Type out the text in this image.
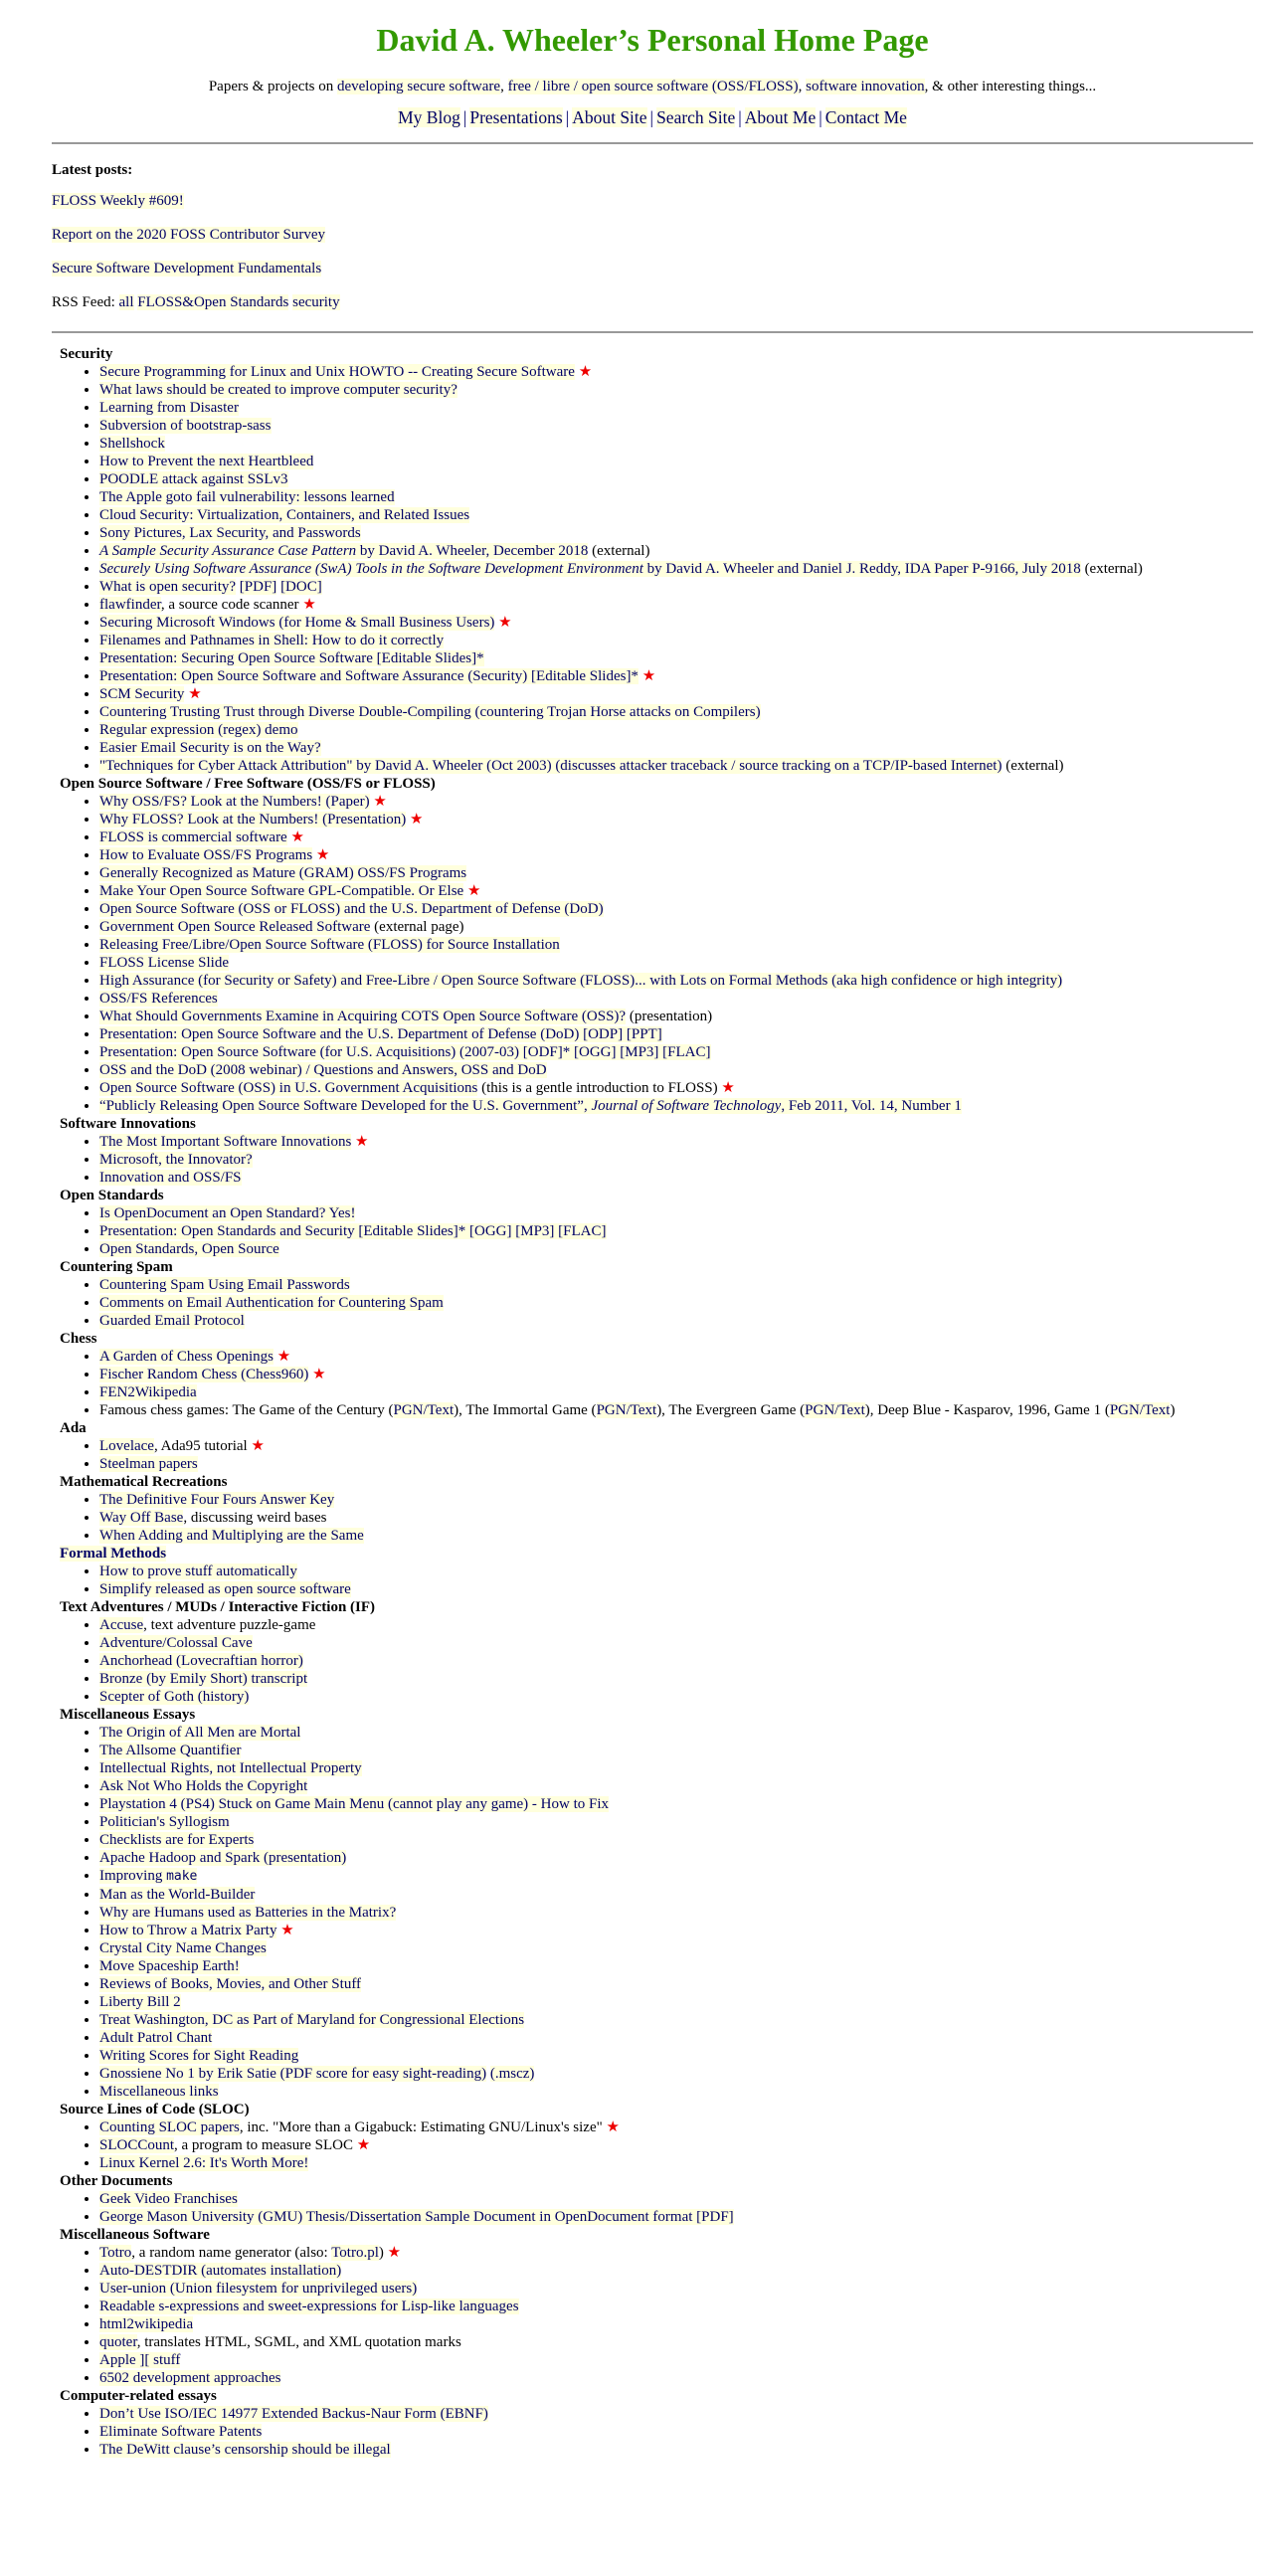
David A. Wheeler’s Personal Home Page

Papers & projects on developing secure software, free / libre / open source software (OSS/FLOSS), software innovation, & other interesting things...

My Blog | Presentations | About Site | Search Site | About Me | Contact Me
Latest posts:

FLOSS Weekly #609!

Report on the 2020 FOSS Contributor Survey

Secure Software Development Fundamentals

RSS Feed: all FLOSS&Open Standards security

Security
• Secure Programming for Linux and Unix HOWTO -- Creating Secure Software ★
• What laws should be created to improve computer security?
• Learning from Disaster
• Subversion of bootstrap-sass
• Shellshock
• How to Prevent the next Heartbleed
• POODLE attack against SSLv3
• The Apple goto fail vulnerability: lessons learned
• Cloud Security: Virtualization, Containers, and Related Issues
• Sony Pictures, Lax Security, and Passwords
• A Sample Security Assurance Case Pattern by David A. Wheeler, December 2018 (external)
• Securely Using Software Assurance (SwA) Tools in the Software Development Environment by David A. Wheeler and Daniel J. Reddy, IDA Paper P-9166, July 2018 (external)
• What is open security? [PDF] [DOC]
• flawfinder, a source code scanner ★
• Securing Microsoft Windows (for Home & Small Business Users) ★
• Filenames and Pathnames in Shell: How to do it correctly
• Presentation: Securing Open Source Software [Editable Slides]*
• Presentation: Open Source Software and Software Assurance (Security) [Editable Slides]* ★
• SCM Security ★
• Countering Trusting Trust through Diverse Double-Compiling (countering Trojan Horse attacks on Compilers)
• Regular expression (regex) demo
• Easier Email Security is on the Way?
• "Techniques for Cyber Attack Attribution" by David A. Wheeler (Oct 2003) (discusses attacker traceback / source tracking on a TCP/IP-based Internet) (external)
Open Source Software / Free Software (OSS/FS or FLOSS)
• Why OSS/FS? Look at the Numbers! (Paper) ★
• Why FLOSS? Look at the Numbers! (Presentation) ★
• FLOSS is commercial software ★
• How to Evaluate OSS/FS Programs ★
• Generally Recognized as Mature (GRAM) OSS/FS Programs
• Make Your Open Source Software GPL-Compatible. Or Else ★
• Open Source Software (OSS or FLOSS) and the U.S. Department of Defense (DoD)
• Government Open Source Released Software (external page)
• Releasing Free/Libre/Open Source Software (FLOSS) for Source Installation
• FLOSS License Slide
• High Assurance (for Security or Safety) and Free-Libre / Open Source Software (FLOSS)... with Lots on Formal Methods (aka high confidence or high integrity)
• OSS/FS References
• What Should Governments Examine in Acquiring COTS Open Source Software (OSS)? (presentation)
• Presentation: Open Source Software and the U.S. Department of Defense (DoD) [ODP] [PPT]
• Presentation: Open Source Software (for U.S. Acquisitions) (2007-03) [ODF]* [OGG] [MP3] [FLAC]
• OSS and the DoD (2008 webinar) / Questions and Answers, OSS and DoD
• Open Source Software (OSS) in U.S. Government Acquisitions (this is a gentle introduction to FLOSS) ★
• “Publicly Releasing Open Source Software Developed for the U.S. Government”, Journal of Software Technology, Feb 2011, Vol. 14, Number 1
Software Innovations
• The Most Important Software Innovations ★
• Microsoft, the Innovator?
• Innovation and OSS/FS
Open Standards
• Is OpenDocument an Open Standard? Yes!
• Presentation: Open Standards and Security [Editable Slides]* [OGG] [MP3] [FLAC]
• Open Standards, Open Source
Countering Spam
• Countering Spam Using Email Passwords
• Comments on Email Authentication for Countering Spam
• Guarded Email Protocol
Chess
• A Garden of Chess Openings ★
• Fischer Random Chess (Chess960) ★
• FEN2Wikipedia
• Famous chess games: The Game of the Century (PGN/Text), The Immortal Game (PGN/Text), The Evergreen Game (PGN/Text), Deep Blue - Kasparov, 1996, Game 1 (PGN/Text)
Ada
• Lovelace, Ada95 tutorial ★
• Steelman papers
Mathematical Recreations
• The Definitive Four Fours Answer Key
• Way Off Base, discussing weird bases
• When Adding and Multiplying are the Same
Formal Methods
• How to prove stuff automatically
• Simplify released as open source software
Text Adventures / MUDs / Interactive Fiction (IF)
• Accuse, text adventure puzzle-game
• Adventure/Colossal Cave
• Anchorhead (Lovecraftian horror)
• Bronze (by Emily Short) transcript
• Scepter of Goth (history)
Miscellaneous Essays
• The Origin of All Men are Mortal
• The Allsome Quantifier
• Intellectual Rights, not Intellectual Property
• Ask Not Who Holds the Copyright
• Playstation 4 (PS4) Stuck on Game Main Menu (cannot play any game) - How to Fix
• Politician's Syllogism
• Checklists are for Experts
• Apache Hadoop and Spark (presentation)
• Improving make
• Man as the World-Builder
• Why are Humans used as Batteries in the Matrix?
• How to Throw a Matrix Party ★
• Crystal City Name Changes
• Move Spaceship Earth!
• Reviews of Books, Movies, and Other Stuff
• Liberty Bill 2
• Treat Washington, DC as Part of Maryland for Congressional Elections
• Adult Patrol Chant
• Writing Scores for Sight Reading
• Gnossiene No 1 by Erik Satie (PDF score for easy sight-reading) (.mscz)
• Miscellaneous links
Source Lines of Code (SLOC)
• Counting SLOC papers, inc. "More than a Gigabuck: Estimating GNU/Linux's size" ★
• SLOCCount, a program to measure SLOC ★
• Linux Kernel 2.6: It's Worth More!
Other Documents
• Geek Video Franchises
• George Mason University (GMU) Thesis/Dissertation Sample Document in OpenDocument format [PDF]
Miscellaneous Software
• Totro, a random name generator (also: Totro.pl) ★
• Auto-DESTDIR (automates installation)
• User-union (Union filesystem for unprivileged users)
• Readable s-expressions and sweet-expressions for Lisp-like languages
• html2wikipedia
• quoter, translates HTML, SGML, and XML quotation marks
• Apple ][ stuff
• 6502 development approaches
Computer-related essays
• Don’t Use ISO/IEC 14977 Extended Backus-Naur Form (EBNF)
• Eliminate Software Patents
• The DeWitt clause’s censorship should be illegal
